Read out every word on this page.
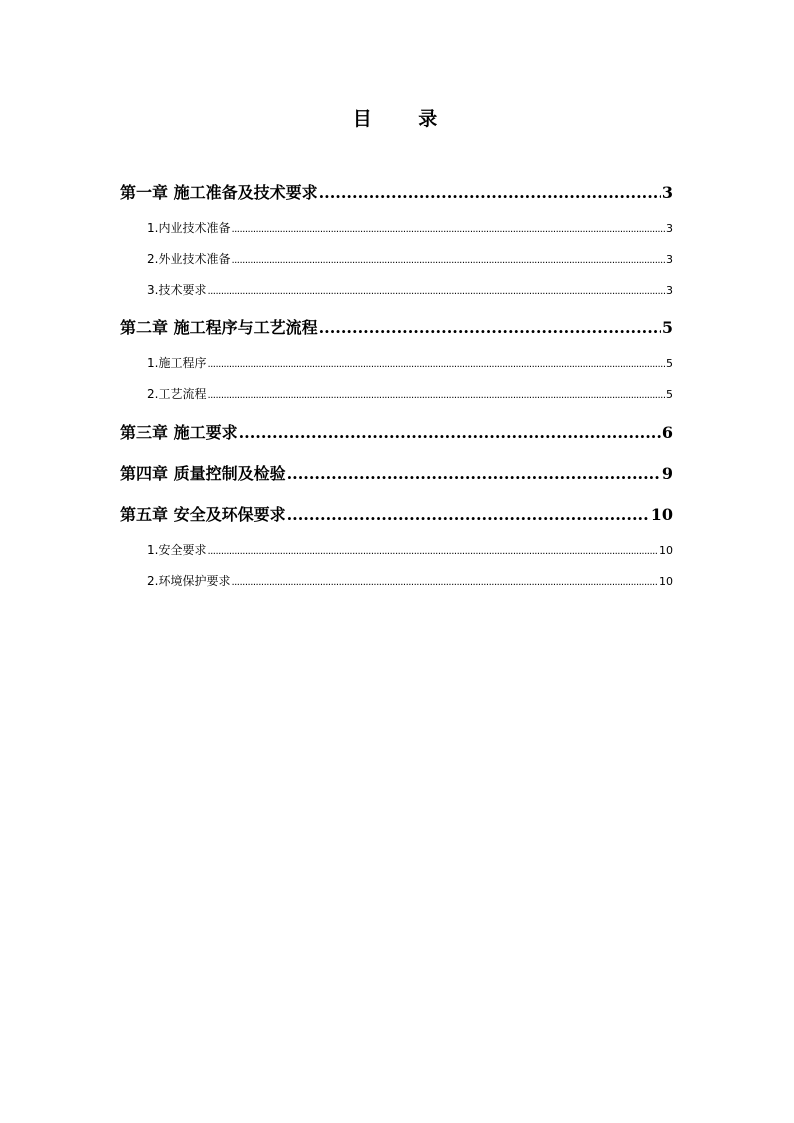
目 录
第一章 施工准备及技术要求 .....	3
1.内业技术准备 .....	3
2.外业技术准备 .....	3
3.技术要求 .....	3
第二章 施工程序与工艺流程 .....	5
1.施工程序 .....	5
2.工艺流程 .....	5
第三章 施工要求 .....	6
第四章 质量控制及检验 .....	9
第五章 安全及环保要求 .....	10
1.安全要求 .....	10
2.环境保护要求 .....	10
